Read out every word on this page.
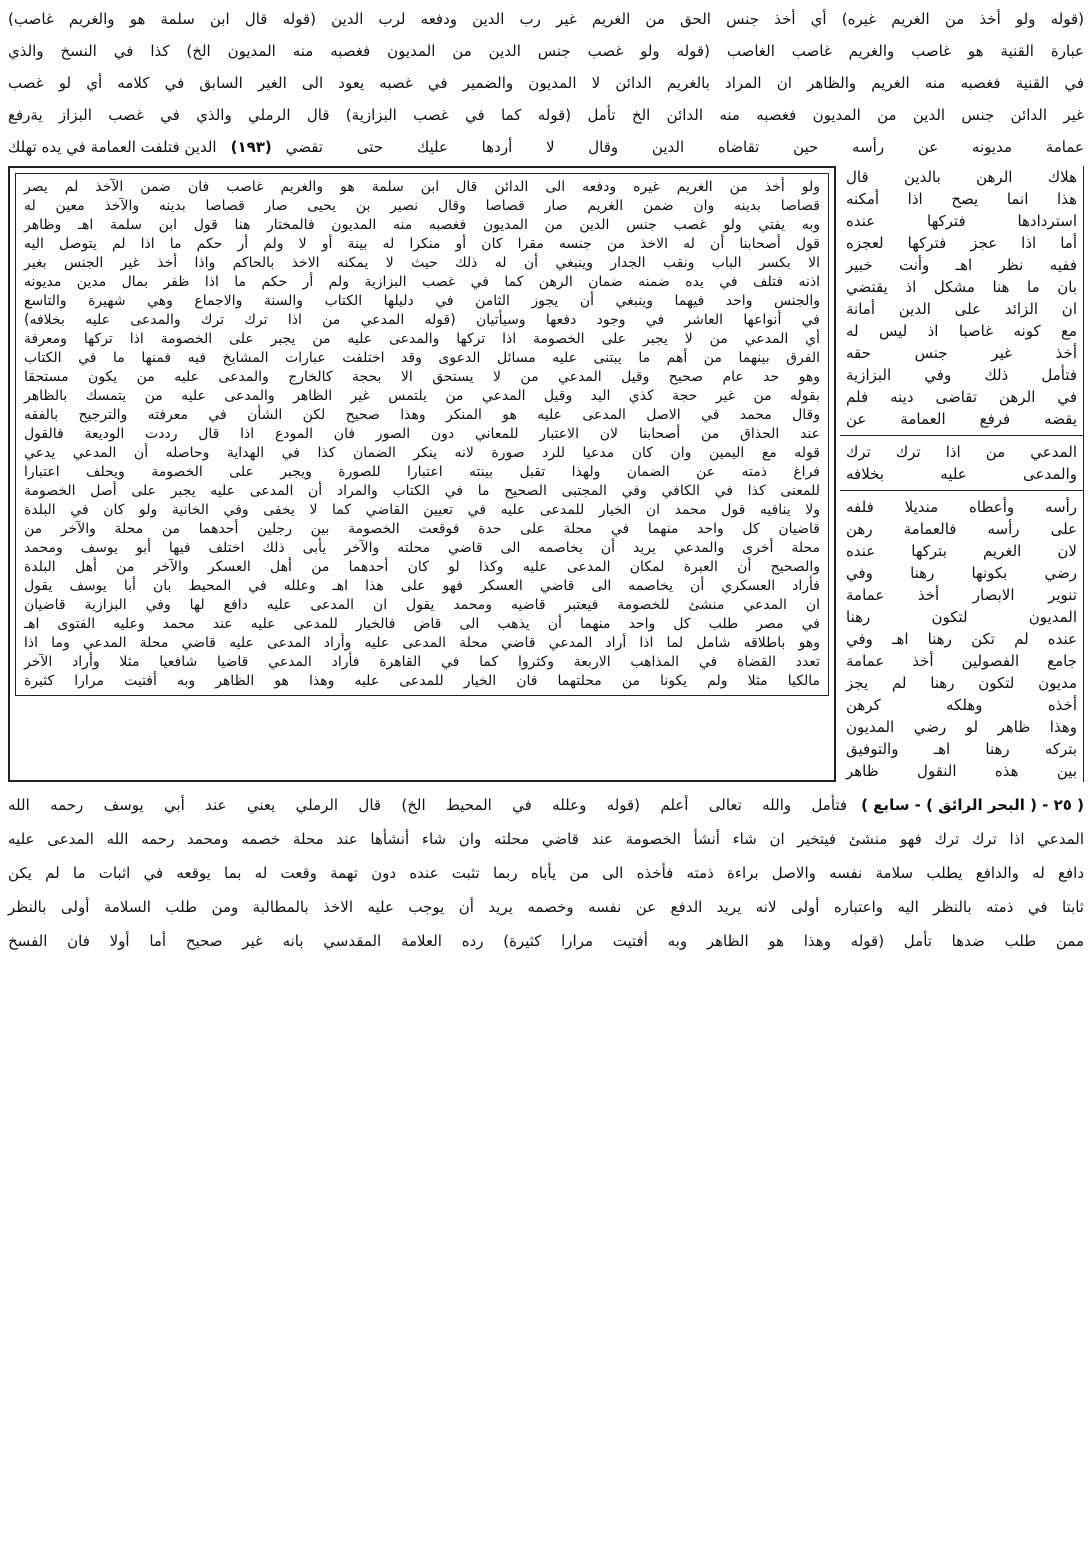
(قوله ولو أخذ من الغريم غيره) أي أخذ جنس الحق من الغريم غير رب الدين ودفعه لرب الدين (قوله قال ابن سلمة هو والغريم غاصب)
عبارة القنية هو غاصب والغريم غاصب الغاصب (قوله ولو غصب جنس الدين من المديون فغصبه منه المديون الخ) كذا في النسخ والذي
في القنية فغصبه منه الغريم والظاهر ان المراد بالغريم الدائن لا المديون والضمير في غصبه يعود الى الغير السابق في كلامه أي لو غصب
غير الدائن جنس الدين من المديون فغصبه منه الدائن الخ تأمل (قوله كما في غصب البزازية) قال الرملي والذي في غصب البزاز يةرفع
عمامة مديونه عن رأسه حين تقاضاه الدين وقال لا أردها عليك حتى تقضي
(١٩٣)
الدين فتلفت العمامة في يده تهلك
ولو أخذ من الغريم غيره ودفعه الى الدائن قال ابن سلمة هو والغريم غاصب فان ضمن الآخذ لم يصر
قصاصا بدينه وان ضمن الغريم صار قصاصا وقال نصير بن يحيى صار قصاصا بدينه والآخذ معين له
وبه يفتي ولو غصب جنس الدين من المديون فغصبه منه المديون فالمختار هنا قول ابن سلمة اهـ وظاهر
قول أصحابنا أن له الاخذ من جنسه مقرا كان أو منكرا له بينة أو لا ولم أر حكم ما اذا لم يتوصل اليه
الا بكسر الباب ونقب الجدار وينبغي أن له ذلك حيث لا يمكنه الاخذ بالحاكم واذا أخذ غير الجنس بغير
اذنه فتلف في يده ضمنه ضمان الرهن كما في غصب البزازية ولم أر حكم ما اذا ظفر بمال مدين مديونه
والجنس واحد فيهما وينبغي أن يجوز الثامن في دليلها الكتاب والسنة والاجماع وهي شهيرة والتاسع
في أنواعها العاشر في وجود دفعها وسيأتيان (قوله المدعي من اذا ترك ترك والمدعى عليه بخلافه)
أي المدعي من لا يجبر على الخصومة اذا تركها والمدعى عليه من يجبر على الخصومة اذا تركها ومعرفة
الفرق بينهما من أهم ما يبتنى عليه مسائل الدعوى وقد اختلفت عبارات المشايخ فيه فمنها ما في الكتاب
وهو حد عام صحيح وقيل المدعي من لا يستحق الا بحجة كالخارج والمدعى عليه من يكون مستحقا
بقوله من غير حجة كذي اليد وقيل المدعي من يلتمس غير الظاهر والمدعى عليه من يتمسك بالظاهر
وقال محمد في الاصل المدعى عليه هو المنكر وهذا صحيح لكن الشأن في معرفته والترجيح بالفقه
عند الحذاق من أصحابنا لان الاعتبار للمعاني دون الصور فان المودع اذا قال رددت الوديعة فالقول
قوله مع اليمين وان كان مدعيا للرد صورة لانه ينكر الضمان كذا في الهداية وحاصله أن المدعي يدعي
فراغ ذمته عن الضمان ولهذا تقبل بينته اعتبارا للصورة ويجبر على الخصومة ويحلف اعتبارا
للمعنى كذا في الكافي وفي المجتبى الصحيح ما في الكتاب والمراد أن المدعى عليه يجبر على أصل الخصومة
ولا ينافيه قول محمد ان الخيار للمدعى عليه في تعيين القاضي كما لا يخفى وفي الخانية ولو كان في البلدة
قاضيان كل واحد منهما في محلة على حدة فوقعت الخصومة بين رجلين أحدهما من محلة والآخر من
محلة أخرى والمدعي يريد أن يخاصمه الى قاضي محلته والآخر يأبى ذلك اختلف فيها أبو يوسف ومحمد
والصحيح أن العبرة لمكان المدعى عليه وكذا لو كان أحدهما من أهل العسكر والآخر من أهل البلدة
فأراد العسكري أن يخاصمه الى قاضي العسكر فهو على هذا اهـ وعلله في المحيط بان أبا يوسف يقول
ان المدعي منشئ للخصومة فيعتبر قاضيه ومحمد يقول ان المدعى عليه دافع لها وفي البزازية قاضيان
في مصر طلب كل واحد منهما أن يذهب الى قاض فالخيار للمدعى عليه عند محمد وعليه الفتوى اهـ
وهو باطلاقه شامل لما اذا أراد المدعي قاضي محلة المدعى عليه وأراد المدعى عليه قاضي محلة المدعي وما اذا
تعدد القضاة في المذاهب الاربعة وكثروا كما في القاهرة فأراد المدعي قاضيا شافعيا مثلا وأراد الآخر
مالكيا مثلا ولم يكونا من محلتهما فان الخيار للمدعى عليه وهذا هو الظاهر وبه أفتيت مرارا كثيرة
هلاك الرهن بالدين قال
هذا انما يصح اذا أمكنه
استردادها فتركها عنده
أما اذا عجز فتركها لعجزه
ففيه نظر اهـ وأنت خبير
بان ما هنا مشكل اذ يقتضي
ان الزائد على الدين أمانة
مع كونه غاصبا اذ ليس له
أخذ غير جنس حقه
فتأمل ذلك وفي البزازية
في الرهن تقاضى دينه فلم
يقضه فرفع العمامة عن
المدعي من اذا ترك ترك
والمدعى عليه بخلافه
رأسه وأعطاه منديلا فلفه
على رأسه فالعمامة رهن
لان الغريم بتركها عنده
رضي بكونها رهنا وفي
تنوير الابصار أخذ عمامة
المديون لتكون رهنا
عنده لم تكن رهنا اهـ وفي
جامع الفصولين أخذ عمامة
مديون لتكون رهنا لم يجز
أخذه وهلكه كرهن
وهذا ظاهر لو رضي المديون
بتركه رهنا اهـ والتوفيق
بين هذه النقول ظاهر
( ٢٥ - ( البحر الرائق ) - سابع )
فتأمل والله تعالى أعلم (قوله وعلله في المحيط الخ) قال الرملي يعني عند أبي يوسف رحمه الله
المدعي اذا ترك ترك فهو منشئ فيتخير ان شاء أنشأ الخصومة عند قاضي محلته وان شاء أنشأها عند محلة خصمه ومحمد رحمه الله المدعى عليه
دافع له والدافع يطلب سلامة نفسه والاصل براءة ذمته فأخذه الى من يأباه ربما تثبت عنده دون تهمة وقعت له بما يوقعه في اثبات ما لم يكن
ثابتا في ذمته بالنظر اليه واعتباره أولى لانه يريد الدفع عن نفسه وخصمه يريد أن يوجب عليه الاخذ بالمطالبة ومن طلب السلامة أولى بالنظر
ممن طلب ضدها تأمل (قوله وهذا هو الظاهر وبه أفتيت مرارا كثيرة) رده العلامة المقدسي بانه غير صحيح أما أولا فان الفسخ
